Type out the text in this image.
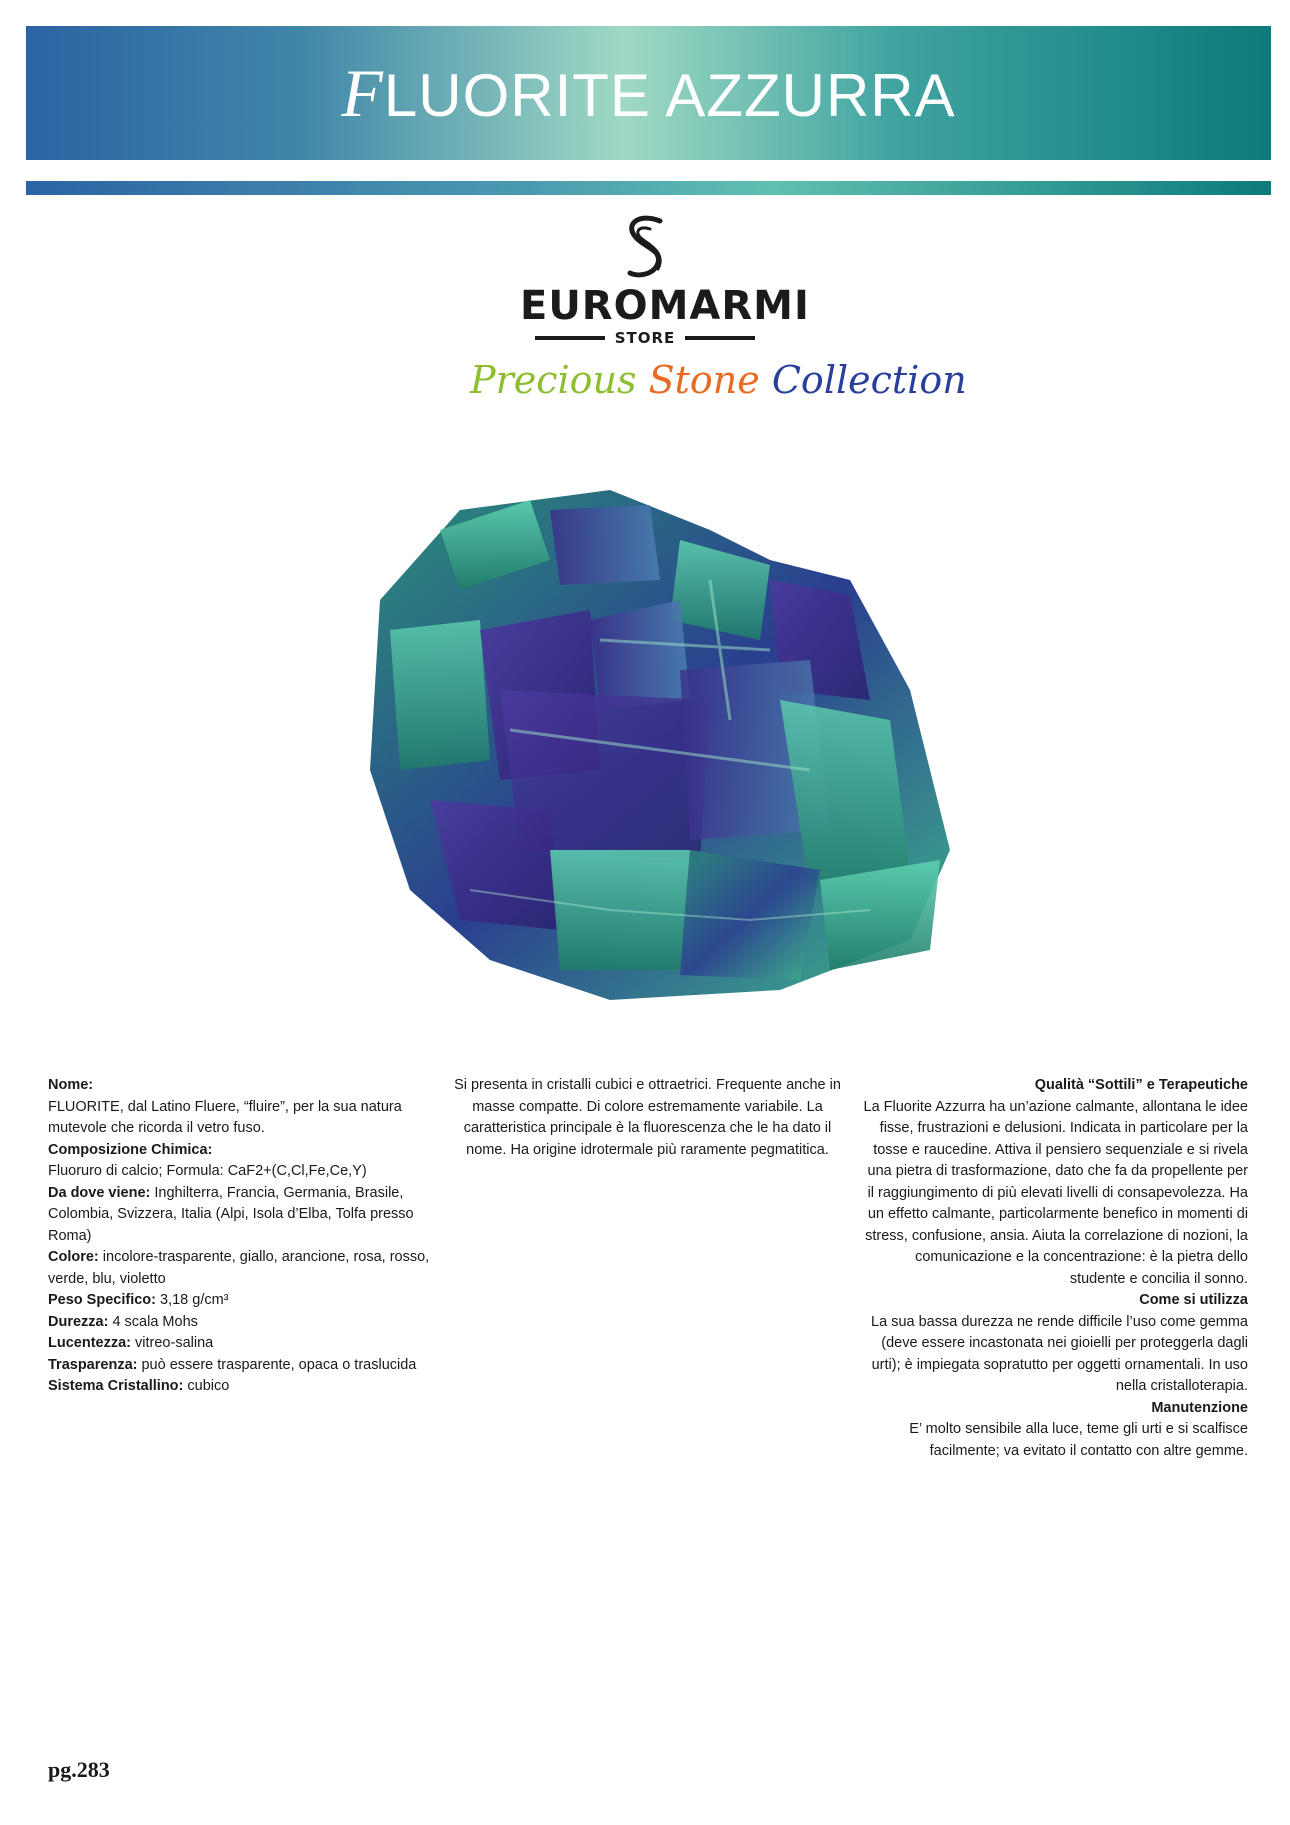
FLUORITE AZZURRA
EUROMARMI
STORE
Precious Stone Collection

Nome:

FLUORITE, dal Latino Fluere, “fluire”, per la sua natura mutevole che ricorda il vetro fuso.

Composizione Chimica:

Fluoruro di calcio; Formula: CaF2+(C,Cl,Fe,Ce,Y)

Da dove viene: Inghilterra, Francia, Germania, Brasile, Colombia, Svizzera, Italia (Alpi, Isola d’Elba, Tolfa presso Roma)

Colore: incolore-trasparente, giallo, arancione, rosa, rosso, verde, blu, violetto

Peso Specifico: 3,18 g/cm³

Durezza: 4 scala Mohs

Lucentezza: vitreo-salina

Trasparenza: può essere trasparente, opaca o traslucida

Sistema Cristallino: cubico

Si presenta in cristalli cubici e ottraetrici. Frequente anche in masse compatte. Di colore estremamente variabile. La caratteristica principale è la fluorescenza che le ha dato il nome. Ha origine idrotermale più raramente pegmatitica.

Qualità “Sottili” e Terapeutiche

La Fluorite Azzurra ha un’azione calmante, allontana le idee fisse, frustrazioni e delusioni. Indicata in particolare per la tosse e raucedine. Attiva il pensiero sequenziale e si rivela una pietra di trasformazione, dato che fa da propellente per il raggiungimento di più elevati livelli di consapevolezza. Ha un effetto calmante, particolarmente benefico in momenti di stress, confusione, ansia. Aiuta la correlazione di nozioni, la comunicazione e la concentrazione: è la pietra dello studente e concilia il sonno.

Come si utilizza

La sua bassa durezza ne rende difficile l’uso come gemma (deve essere incastonata nei gioielli per proteggerla dagli urti); è impiegata sopratutto per oggetti ornamentali. In uso nella cristalloterapia.

Manutenzione

E’ molto sensibile alla luce, teme gli urti e si scalfisce facilmente; va evitato il contatto con altre gemme.

pg.283
